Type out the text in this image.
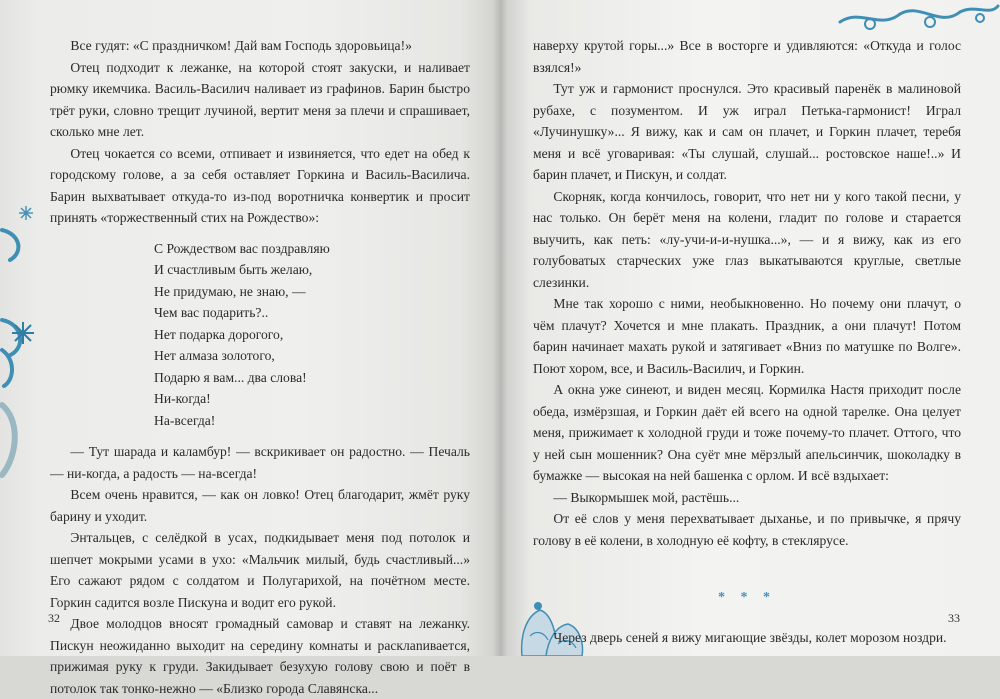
Все гудят: «С праздничком! Дай вам Господь здоровьица!»

Отец подходит к лежанке, на которой стоят закуски, и наливает рюмку икемчика. Василь-Василич наливает из графинов. Барин быстро трёт руки, словно трещит лучиной, вертит меня за плечи и спрашивает, сколько мне лет.

Отец чокается со всеми, отпивает и извиняется, что едет на обед к городскому голове, а за себя оставляет Горкина и Василь-Василича. Барин выхватывает откуда-то из-под воротничка конвертик и просит принять «торжественный стих на Рождество»:

С Рождеством вас поздравляю
И счастливым быть желаю,
Не придумаю, не знаю, —
Чем вас подарить?..
Нет подарка дорогого,
Нет алмаза золотого,
Подарю я вам... два слова!
Ни-когда!
На-всегда!

— Тут шарада и каламбур! — вскрикивает он радостно. — Печаль — ни-когда, а радость — на-всегда!

Всем очень нравится, — как он ловко! Отец благодарит, жмёт руку барину и уходит.

Энтальцев, с селёдкой в усах, подкидывает меня под потолок и шепчет мокрыми усами в ухо: «Мальчик милый, будь счастливый...» Его сажают рядом с солдатом и Полугарихой, на почётном месте. Горкин садится возле Пискуна и водит его рукой.

Двое молодцов вносят громадный самовар и ставят на лежанку. Пискун неожиданно выходит на середину комнаты и расклanивается, прижимая руку к груди. Закидывает безухую голову свою и поёт в потолок так тонко-нежно — «Близко города Славянска...

32

наверху крутой горы...» Все в восторге и удивляются: «Откуда и голос взялся!»

Тут уж и гармонист проснулся. Это красивый паренёк в малиновой рубахе, с позументом. И уж играл Петька-гармонист! Играл «Лучинушку»... Я вижу, как и сам он плачет, и Горкин плачет, теребя меня и всё уговаривая: «Ты слушай, слушай... ростовское наше!..» И барин плачет, и Пискун, и солдат.

Скорняк, когда кончилось, говорит, что нет ни у кого такой песни, у нас только. Он берёт меня на колени, гладит по голове и старается выучить, как петь: «лу-учи-и-и-нушка...», — и я вижу, как из его голубоватых старческих уже глаз выкатываются круглые, светлые слезинки.

Мне так хорошо с ними, необыкновенно. Но почему они плачут, о чём плачут? Хочется и мне плакать. Праздник, а они плачут! Потом барин начинает махать рукой и затягивает «Вниз по матушке по Волге». Поют хором, все, и Василь-Василич, и Горкин.

А окна уже синеют, и виден месяц. Кормилка Настя приходит после обеда, измёрзшая, и Горкин даёт ей всего на одной тарелке. Она целует меня, прижимает к холодной груди и тоже почему-то плачет. Оттого, что у ней сын мошенник? Она суёт мне мёрзлый апельсинчик, шоколадку в бумажке — высокая на ней башенка с орлом. И всё вздыхает:

— Выкормышек мой, растёшь...

От её слов у меня перехватывает дыханье, и по привычке, я прячу голову в её колени, в холодную её кофту, в стеклярусе.

* * *

Через дверь сеней я вижу мигающие звёзды, колет морозом ноздри.

33
